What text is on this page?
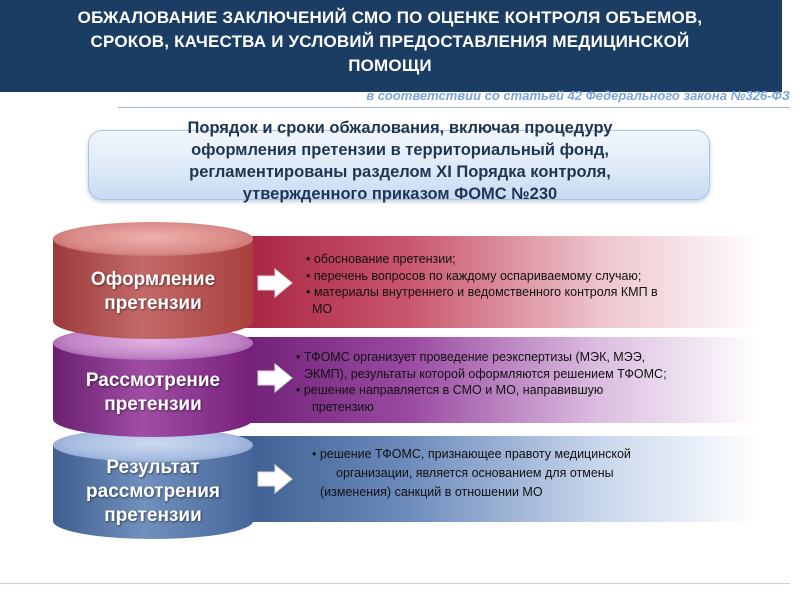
ОБЖАЛОВАНИЕ ЗАКЛЮЧЕНИЙ СМО ПО ОЦЕНКЕ КОНТРОЛЯ ОБЪЕМОВ,
СРОКОВ, КАЧЕСТВА И УСЛОВИЙ ПРЕДОСТАВЛЕНИЯ МЕДИЦИНСКОЙ
ПОМОЩИ
в соответствии со статьей 42 Федерального закона №326-ФЗ
Порядок и сроки обжалования, включая процедуру
оформления претензии в территориальный фонд,
регламентированы разделом XI Порядка контроля,
утвержденного приказом ФОМС №230
Оформление
претензии
Рассмотрение
претензии
Результат
рассмотрения
претензии
• обоснование претензии;
• перечень вопросов по каждому оспариваемому случаю;
• материалы внутреннего и ведомственного контроля КМП в
МО
• ТФОМС организует проведение реэкспертизы (МЭК, МЭЭ,
ЭКМП), результаты которой оформляются решением ТФОМС;
• решение направляется в СМО и МО, направившую
претензию
• решение ТФОМС, признающее правоту медицинской
организации, является основанием для отмены
(изменения) санкций в отношении МО
